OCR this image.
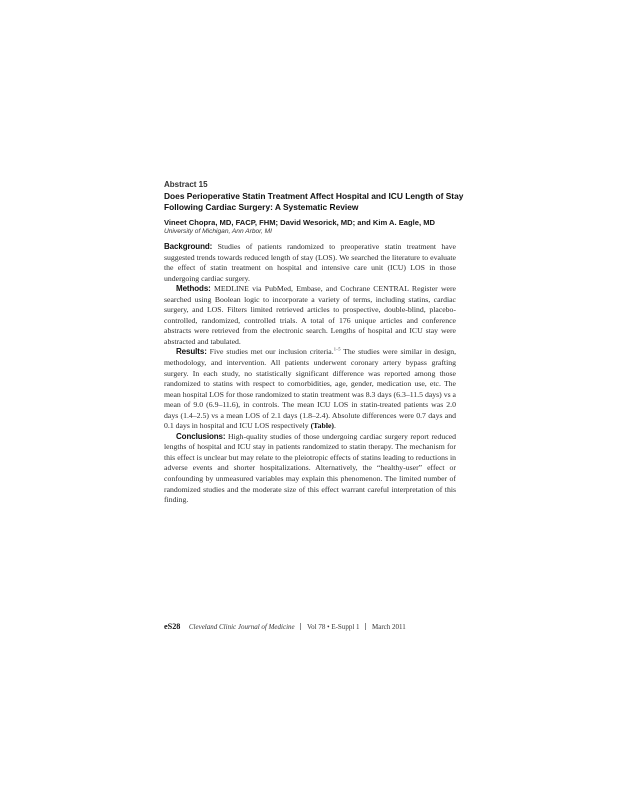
Abstract 15
Does Perioperative Statin Treatment Affect Hospital and ICU Length of Stay Following Cardiac Surgery: A Systematic Review
Vineet Chopra, MD, FACP, FHM; David Wesorick, MD; and Kim A. Eagle, MD
University of Michigan, Ann Arbor, MI

Background: Studies of patients randomized to preoperative statin treatment have suggested trends towards reduced length of stay (LOS). We searched the literature to evaluate the effect of statin treatment on hospital and intensive care unit (ICU) LOS in those undergoing cardiac surgery.

Methods: MEDLINE via PubMed, Embase, and Cochrane CENTRAL Register were searched using Boolean logic to incorporate a variety of terms, including statins, cardiac surgery, and LOS. Filters limited retrieved articles to prospective, double-blind, placebo-controlled, randomized, controlled trials. A total of 176 unique articles and conference abstracts were retrieved from the electronic search. Lengths of hospital and ICU stay were abstracted and tabulated.

Results: Five studies met our inclusion criteria.$^{1-5}$ The studies were similar in design, methodology, and intervention. All patients underwent coronary artery bypass grafting surgery. In each study, no statistically significant difference was reported among those randomized to statins with respect to comorbidities, age, gender, medication use, etc. The mean hospital LOS for those randomized to statin treatment was 8.3 days (6.3–11.5 days) vs a mean of 9.0 (6.9–11.6), in controls. The mean ICU LOS in statin-treated patients was 2.0 days (1.4–2.5) vs a mean LOS of 2.1 days (1.8–2.4). Absolute differences were 0.7 days and 0.1 days in hospital and ICU LOS respectively (Table).

Conclusions: High-quality studies of those undergoing cardiac surgery report reduced lengths of hospital and ICU stay in patients randomized to statin therapy. The mechanism for this effect is unclear but may relate to the pleiotropic effects of statins leading to reductions in adverse events and shorter hospitalizations. Alternatively, the “healthy-user” effect or confounding by unmeasured variables may explain this phenomenon. The limited number of randomized studies and the moderate size of this effect warrant careful interpretation of this finding.

eS28 Cleveland Clinic Journal of Medicine Vol 78 • E-Suppl 1 March 2011
